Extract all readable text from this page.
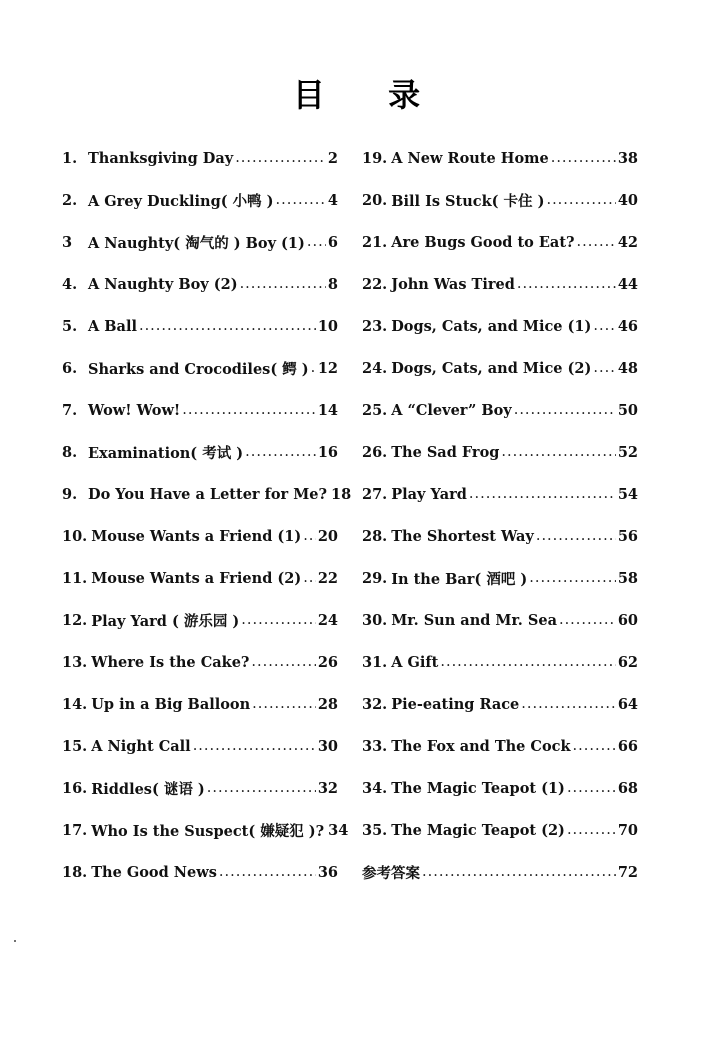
目 录
1. Thanksgiving Day .....	2
2. A Grey Duckling( 小鸭 ) .....	4
3	A Naughty( 淘气的 ) Boy (1) ..... 6
4. A Naughty Boy (2) .....	8
5. A Ball .....	10
6. Sharks and Crocodiles( 鳄 ) ..... 12
7. Wow! Wow! .....	14
8. Examination( 考试 ) .....	16
9. Do You Have a Letter for Me? 18
10. Mouse Wants a Friend (1) ..... 20
11. Mouse Wants a Friend (2) ..... 22
12. Play Yard ( 游乐园 ) .....	24
13. Where Is the Cake? .....	26
14. Up in a Big Balloon .....	28
15. A Night Call .....	30
16. Riddles( 谜语 ) .....	32
17. Who Is the Suspect( 嫌疑犯 )? 34
18. The Good News .....	36
19. A New Route Home .....	38
20. Bill Is Stuck( 卡住 ) .....	40
21. Are Bugs Good to Eat? .....	42
22. John Was Tired .....	44
23. Dogs, Cats, and Mice (1) ..... 46
24. Dogs, Cats, and Mice (2) ..... 48
25. A “Clever” Boy .....	50
26. The Sad Frog .....	52
27. Play Yard .....	54
28. The Shortest Way .....	56
29. In the Bar( 酒吧 ) .....	58
30. Mr. Sun and Mr. Sea .....	60
31. A Gift .....	62
32. Pie-eating Race .....	64
33. The Fox and The Cock .....	66
34. The Magic Teapot (1) .....	68
35. The Magic Teapot (2) .....	70
参考答案 .....	72
